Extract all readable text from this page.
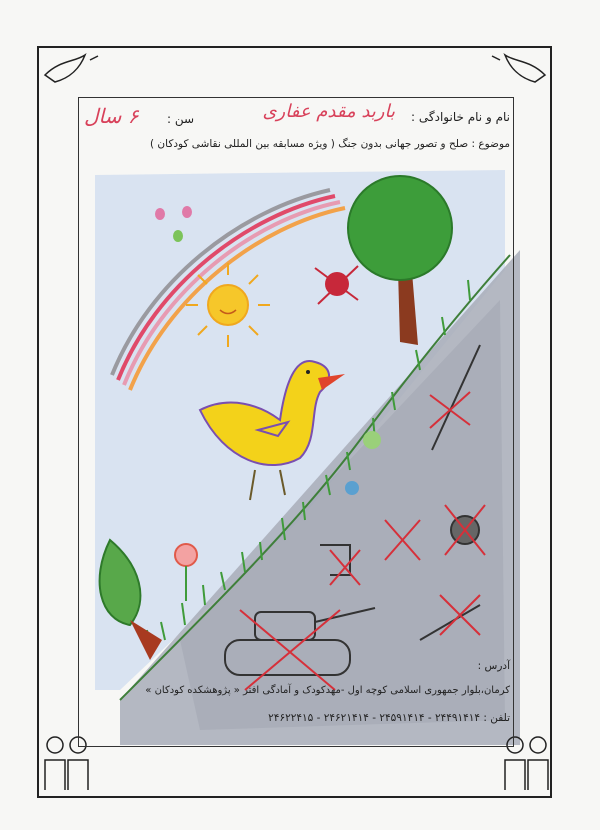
نام و نام خانوادگی :
باربد مقدم عفاری
سن :
۶ سال
موضوع : صلح و تصور جهانی بدون جنگ ( ویژه مسابقه بین المللی نقاشی کودکان )
آدرس :
کرمان،بلوار جمهوری اسلامی کوچه اول -مهدکودک و آمادگی افتر « پژوهشکده کودکان »
تلفن : ۲۴۴۹۱۴۱۴ - ۲۴۵۹۱۴۱۴ - ۲۴۶۲۱۴۱۴ - ۲۴۶۲۲۴۱۵
